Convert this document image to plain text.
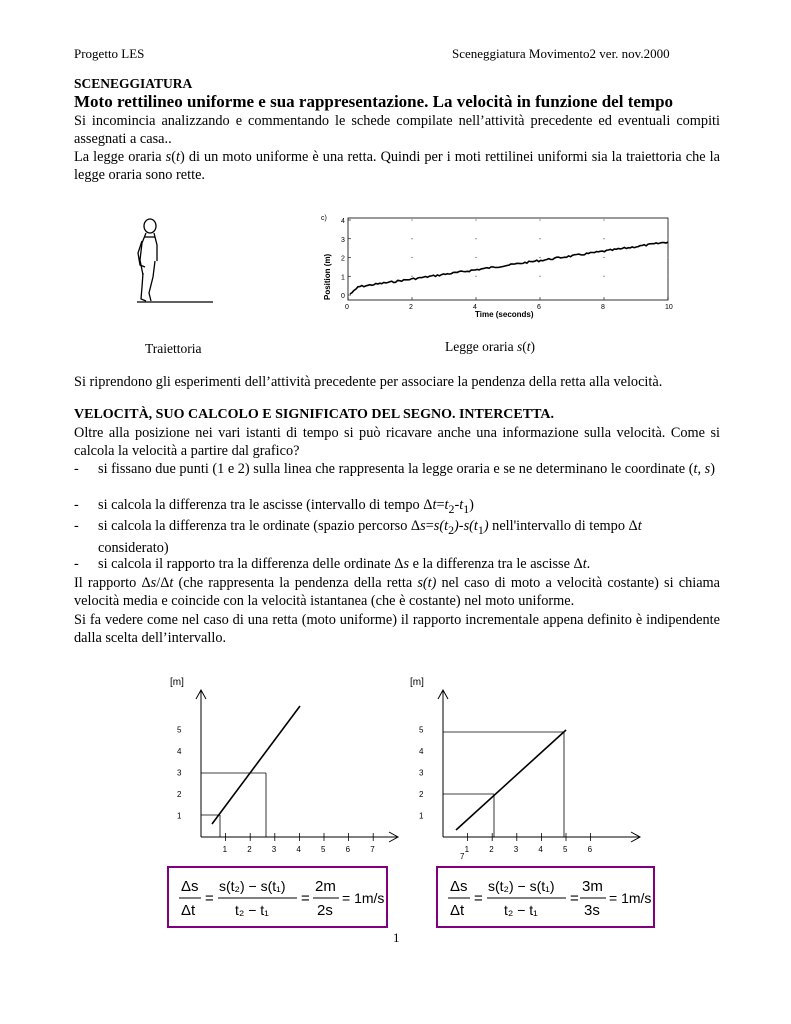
Progetto LES	Sceneggiatura Movimento2 ver. nov.2000
SCENEGGIATURA
Moto rettilineo uniforme e sua rappresentazione. La velocità in funzione del tempo
Si incomincia analizzando e commentando le schede compilate nell’attività precedente ed eventuali compiti assegnati a casa..
La legge oraria s(t) di un moto uniforme è una retta. Quindi per i moti rettilinei uniformi sia la traiettoria che la legge oraria sono rette.
Traiettoria
c)
Position (m) 0
1
2
3
4
0	2	4	6	8	10
Time (seconds)
Legge oraria s(t)
Si riprendono gli esperimenti dell’attività precedente per associare la pendenza della retta alla velocità.
VELOCITÀ, SUO CALCOLO E SIGNIFICATO DEL SEGNO. INTERCETTA.
Oltre alla posizione nei vari istanti di tempo si può ricavare anche una informazione sulla velocità. Come si calcola la velocità a partire dal grafico?
- si fissano due punti (1 e 2) sulla linea che rappresenta la legge oraria e se ne determinano le coordinate (t, s)
- si calcola la differenza tra le ascisse (intervallo di tempo $\Delta t=t_2-t_1$)
- si calcola la differenza tra le ordinate (spazio percorso $\Delta s=s(t_2)-s(t_1)$ nell'intervallo di tempo Δt
considerato)
- si calcola il rapporto tra la differenza delle ordinate Δs e la differenza tra le ascisse Δt.
Il rapporto Δs/Δt (che rappresenta la pendenza della retta s(t) nel caso di moto a velocità costante) si chiama velocità media e coincide con la velocità istantanea (che è costante) nel moto uniforme.
Si fa vedere come nel caso di una retta (moto uniforme) il rapporto incrementale appena definito è indipendente dalla scelta dell’intervallo.
[m]
1
2
3
4
5
1	2	3	4	5	6	7
[m]
1
2
3
4
5
1	2	3	4	5	6
7
Δs
Δt
=
s(t₂) − s(t₁)
t₂ − t₁
=
2m
2s
= 1m/s
Δs
Δt
=
s(t₂) − s(t₁)
t₂ − t₁
=
3m
3s
= 1m/s
1
